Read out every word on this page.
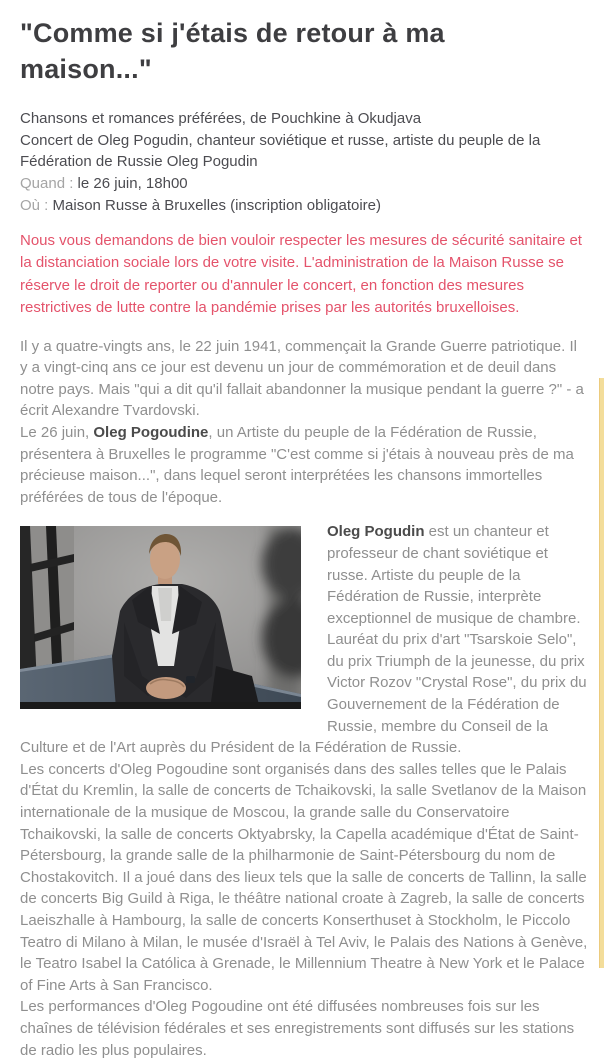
"Comme si j'étais de retour à ma maison..."
Chansons et romances préférées, de Pouchkine à Okudjava
Concert de Oleg Pogudin, chanteur soviétique et russe, artiste du peuple de la Fédération de Russie Oleg Pogudin
Quand : le 26 juin, 18h00
Où : Maison Russe à Bruxelles (inscription obligatoire)
Nous vous demandons de bien vouloir respecter les mesures de sécurité sanitaire et la distanciation sociale lors de votre visite. L'administration de la Maison Russe se réserve le droit de reporter ou d'annuler le concert, en fonction des mesures restrictives de lutte contre la pandémie prises par les autorités bruxelloises.

Il y a quatre-vingts ans, le 22 juin 1941, commençait la Grande Guerre patriotique. Il y a vingt-cinq ans ce jour est devenu un jour de commémoration et de deuil dans notre pays. Mais "qui a dit qu'il fallait abandonner la musique pendant la guerre ?" - a écrit Alexandre Tvardovski.
Le 26 juin, Oleg Pogoudine, un Artiste du peuple de la Fédération de Russie, présentera à Bruxelles le programme "C'est comme si j'étais à nouveau près de ma précieuse maison...", dans lequel seront interprétées les chansons immortelles préférées de tous de l'époque.

Oleg Pogudin est un chanteur et professeur de chant soviétique et russe. Artiste du peuple de la Fédération de Russie, interprète exceptionnel de musique de chambre. Lauréat du prix d'art "Tsarskoie Selo", du prix Triumph de la jeunesse, du prix Victor Rozov "Crystal Rose", du prix du Gouvernement de la Fédération de Russie, membre du Conseil de la Culture et de l'Art auprès du Président de la Fédération de Russie.

Les concerts d'Oleg Pogoudine sont organisés dans des salles telles que le Palais d'État du Kremlin, la salle de concerts de Tchaikovski, la salle Svetlanov de la Maison internationale de la musique de Moscou, la grande salle du Conservatoire Tchaikovski, la salle de concerts Oktyabrsky, la Capella académique d'État de Saint-Pétersbourg, la grande salle de la philharmonie de Saint-Pétersbourg du nom de Chostakovitch. Il a joué dans des lieux tels que la salle de concerts de Tallinn, la salle de concerts Big Guild à Riga, le théâtre national croate à Zagreb, la salle de concerts Laeiszhalle à Hambourg, la salle de concerts Konserthuset à Stockholm, le Piccolo Teatro di Milano à Milan, le musée d'Israël à Tel Aviv, le Palais des Nations à Genève, le Teatro Isabel la Católica à Grenade, le Millennium Theatre à New York et le Palace of Fine Arts à San Francisco.

Les performances d'Oleg Pogoudine ont été diffusées nombreuses fois sur les chaînes de télévision fédérales et ses enregistrements sont diffusés sur les stations de radio les plus populaires.
